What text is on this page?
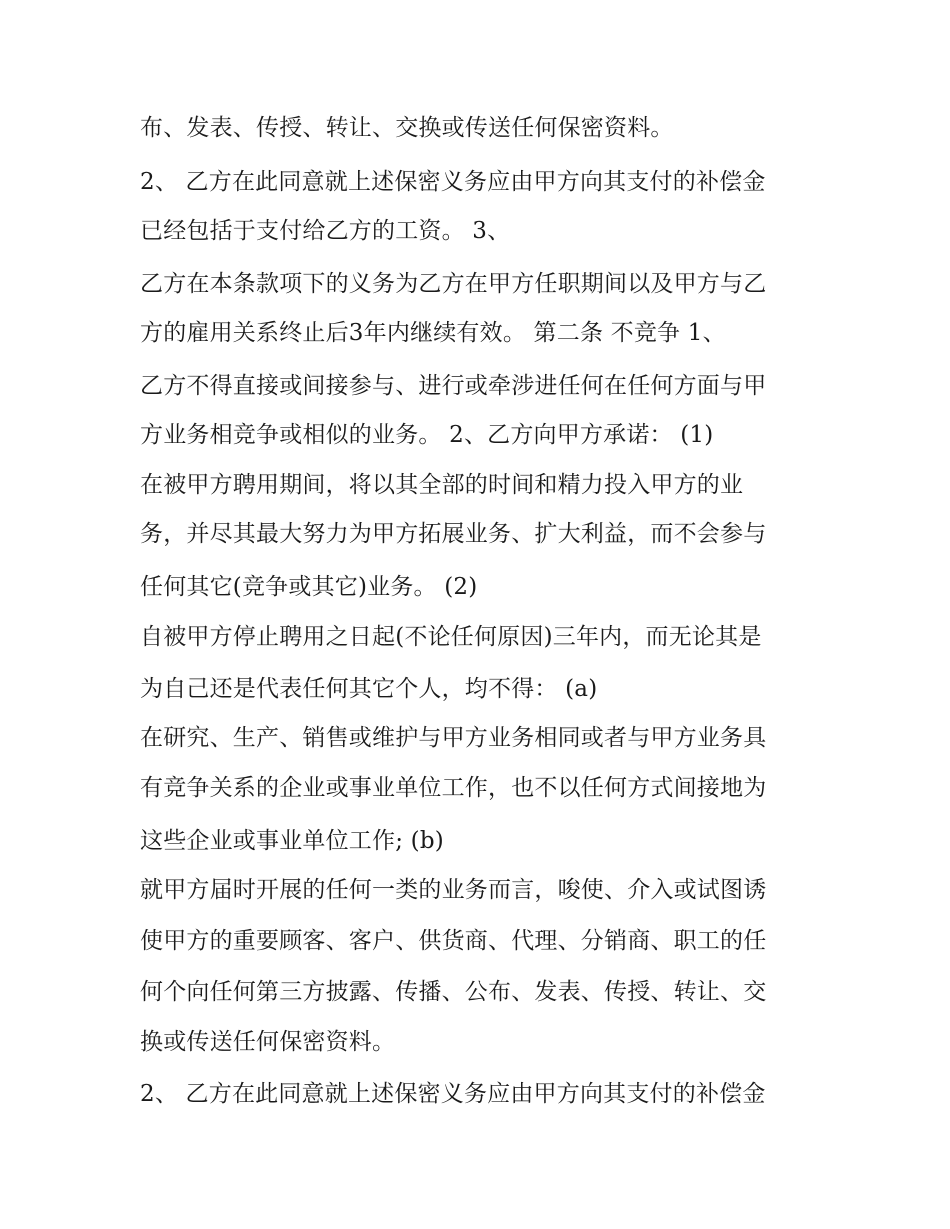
布、发表、传授、转让、交换或传送任何保密资料。

2、 乙方在此同意就上述保密义务应由甲方向其支付的补偿金

已经包括于支付给乙方的工资。 3、

乙方在本条款项下的义务为乙方在甲方任职期间以及甲方与乙

方的雇用关系终止后3年内继续有效。 第二条 不竞争 1、

乙方不得直接或间接参与、进行或牵涉进任何在任何方面与甲

方业务相竞争或相似的业务。 2、乙方向甲方承诺： (1)

在被甲方聘用期间，将以其全部的时间和精力投入甲方的业

务，并尽其最大努力为甲方拓展业务、扩大利益，而不会参与

任何其它(竞争或其它)业务。 (2)

自被甲方停止聘用之日起(不论任何原因)三年内，而无论其是

为自己还是代表任何其它个人，均不得： (a)

在研究、生产、销售或维护与甲方业务相同或者与甲方业务具

有竞争关系的企业或事业单位工作，也不以任何方式间接地为

这些企业或事业单位工作; (b)

就甲方届时开展的任何一类的业务而言，唆使、介入或试图诱

使甲方的重要顾客、客户、供货商、代理、分销商、职工的任

何个向任何第三方披露、传播、公布、发表、传授、转让、交

换或传送任何保密资料。

2、 乙方在此同意就上述保密义务应由甲方向其支付的补偿金
